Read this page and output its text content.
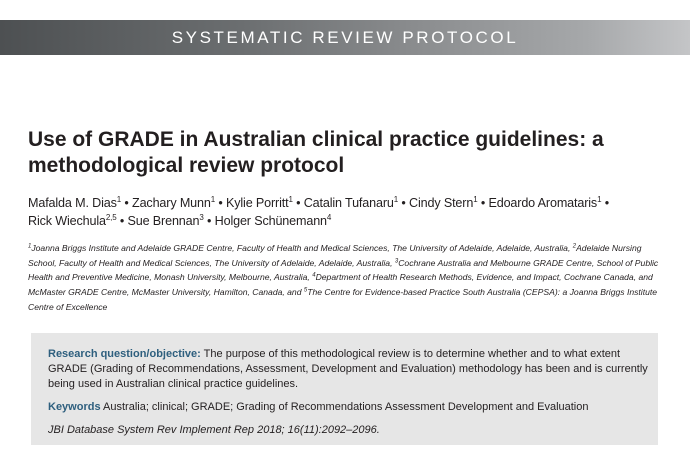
SYSTEMATIC REVIEW PROTOCOL
Use of GRADE in Australian clinical practice guidelines: a methodological review protocol
Mafalda M. Dias$^1$ • Zachary Munn$^1$ • Kylie Porritt$^1$ • Catalin Tufanaru$^1$ • Cindy Stern$^1$ • Edoardo Aromataris$^1$ •
Rick Wiechula$^{2,5}$ • Sue Brennan$^3$ • Holger Schünemann$^4$
$^1$Joanna Briggs Institute and Adelaide GRADE Centre, Faculty of Health and Medical Sciences, The University of Adelaide, Adelaide, Australia, $^2$Adelaide Nursing School, Faculty of Health and Medical Sciences, The University of Adelaide, Adelaide, Australia, $^3$Cochrane Australia and Melbourne GRADE Centre, School of Public Health and Preventive Medicine, Monash University, Melbourne, Australia, $^4$Department of Health Research Methods, Evidence, and Impact, Cochrane Canada, and McMaster GRADE Centre, McMaster University, Hamilton, Canada, and $^5$The Centre for Evidence-based Practice South Australia (CEPSA): a Joanna Briggs Institute Centre of Excellence
Research question/objective: The purpose of this methodological review is to determine whether and to what extent GRADE (Grading of Recommendations, Assessment, Development and Evaluation) methodology has been and is currently being used in Australian clinical practice guidelines.
Keywords Australia; clinical; GRADE; Grading of Recommendations Assessment Development and Evaluation
JBI Database System Rev Implement Rep 2018; 16(11):2092–2096.
